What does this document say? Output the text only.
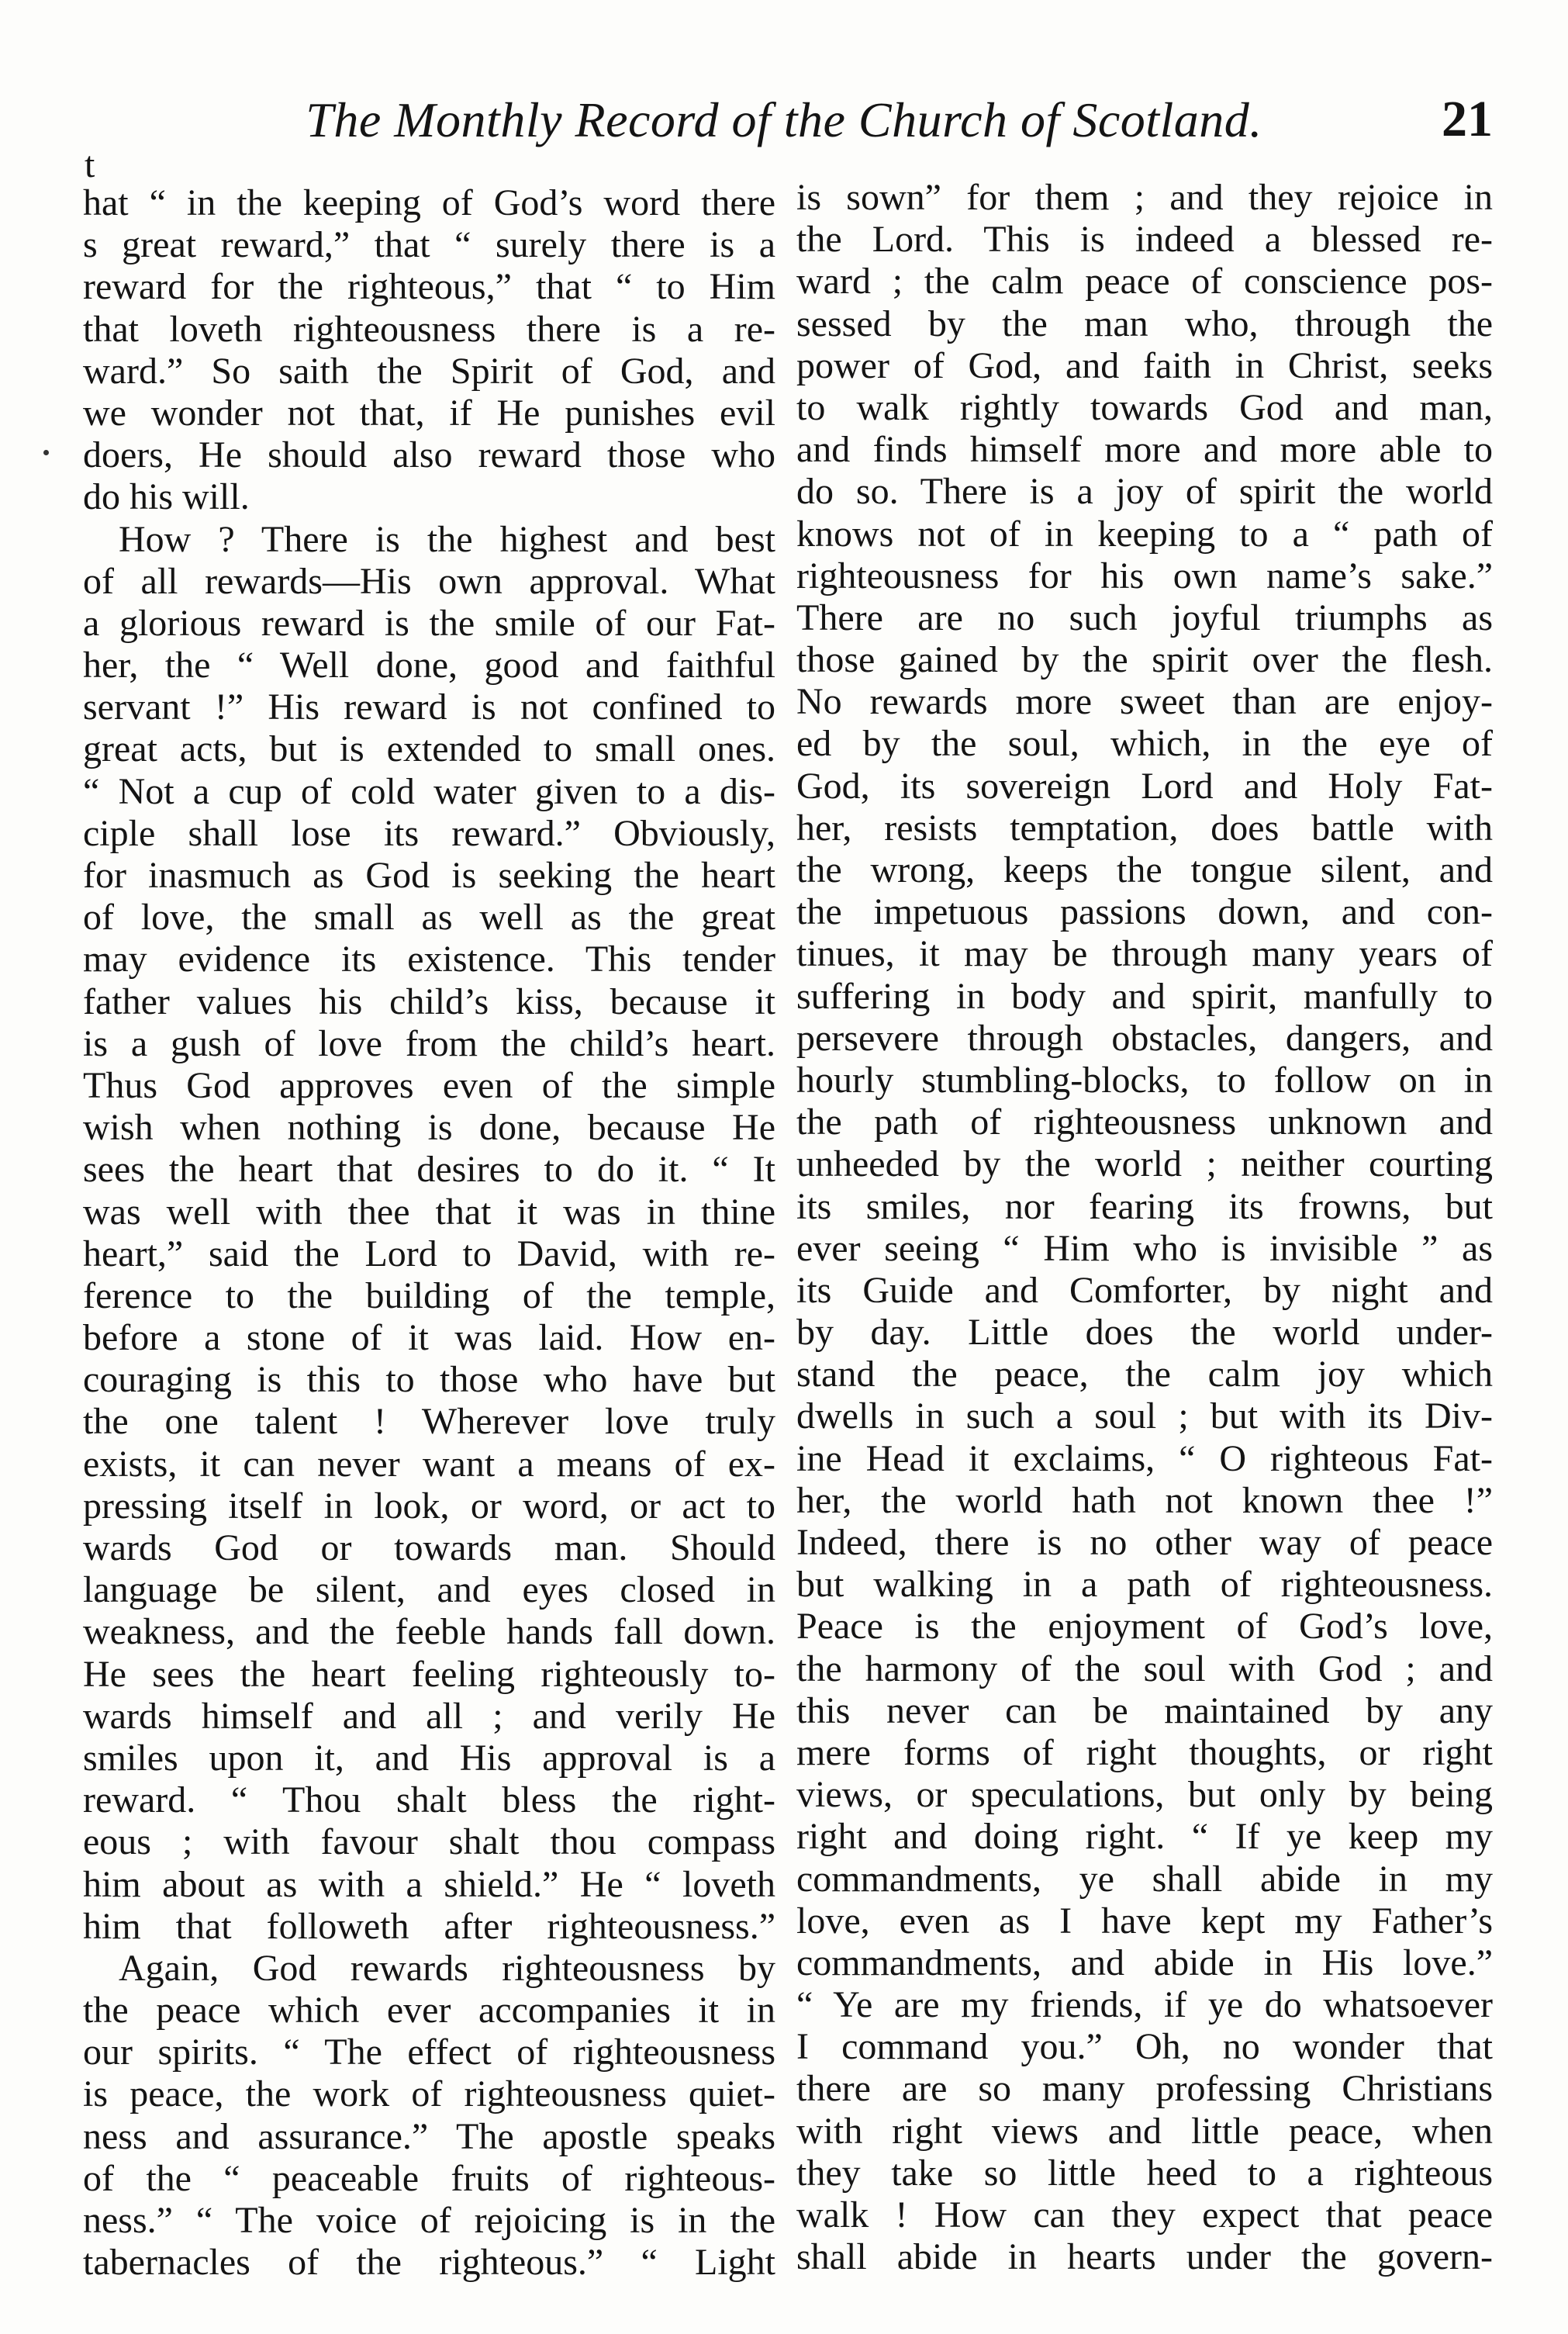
The Monthly Record of the Church of Scotland.	21
t
hat “ in the keeping of God’s word there
s great reward,” that “ surely there is a
reward for the righteous,” that “ to Him
that loveth righteousness there is a re-
ward.” So saith the Spirit of God, and
we wonder not that, if He punishes evil
doers, He should also reward those who
do his will.
How ? There is the highest and best
of all rewards—His own approval. What
a glorious reward is the smile of our Fat-
her, the “ Well done, good and faithful
servant !” His reward is not confined to
great acts, but is extended to small ones.
“ Not a cup of cold water given to a dis-
ciple shall lose its reward.” Obviously,
for inasmuch as God is seeking the heart
of love, the small as well as the great
may evidence its existence. This tender
father values his child’s kiss, because it
is a gush of love from the child’s heart.
Thus God approves even of the simple
wish when nothing is done, because He
sees the heart that desires to do it. “ It
was well with thee that it was in thine
heart,” said the Lord to David, with re-
ference to the building of the temple,
before a stone of it was laid. How en-
couraging is this to those who have but
the one talent ! Wherever love truly
exists, it can never want a means of ex-
pressing itself in look, or word, or act to
wards God or towards man. Should
language be silent, and eyes closed in
weakness, and the feeble hands fall down.
He sees the heart feeling righteously to-
wards himself and all ; and verily He
smiles upon it, and His approval is a
reward. “ Thou shalt bless the right-
eous ; with favour shalt thou compass
him about as with a shield.” He “ loveth
him that followeth after righteousness.”
Again, God rewards righteousness by
the peace which ever accompanies it in
our spirits. “ The effect of righteousness
is peace, the work of righteousness quiet-
ness and assurance.” The apostle speaks
of the “ peaceable fruits of righteous-
ness.” “ The voice of rejoicing is in the
tabernacles of the righteous.” “ Light
is sown” for them ; and they rejoice in
the Lord. This is indeed a blessed re-
ward ; the calm peace of conscience pos-
sessed by the man who, through the
power of God, and faith in Christ, seeks
to walk rightly towards God and man,
and finds himself more and more able to
do so. There is a joy of spirit the world
knows not of in keeping to a “ path of
righteousness for his own name’s sake.”
There are no such joyful triumphs as
those gained by the spirit over the flesh.
No rewards more sweet than are enjoy-
ed by the soul, which, in the eye of
God, its sovereign Lord and Holy Fat-
her, resists temptation, does battle with
the wrong, keeps the tongue silent, and
the impetuous passions down, and con-
tinues, it may be through many years of
suffering in body and spirit, manfully to
persevere through obstacles, dangers, and
hourly stumbling-blocks, to follow on in
the path of righteousness unknown and
unheeded by the world ; neither courting
its smiles, nor fearing its frowns, but
ever seeing “ Him who is invisible ” as
its Guide and Comforter, by night and
by day. Little does the world under-
stand the peace, the calm joy which
dwells in such a soul ; but with its Div-
ine Head it exclaims, “ O righteous Fat-
her, the world hath not known thee !”
Indeed, there is no other way of peace
but walking in a path of righteousness.
Peace is the enjoyment of God’s love,
the harmony of the soul with God ; and
this never can be maintained by any
mere forms of right thoughts, or right
views, or speculations, but only by being
right and doing right. “ If ye keep my
commandments, ye shall abide in my
love, even as I have kept my Father’s
commandments, and abide in His love.”
“ Ye are my friends, if ye do whatsoever
I command you.” Oh, no wonder that
there are so many professing Christians
with right views and little peace, when
they take so little heed to a righteous
walk ! How can they expect that peace
shall abide in hearts under the govern-
